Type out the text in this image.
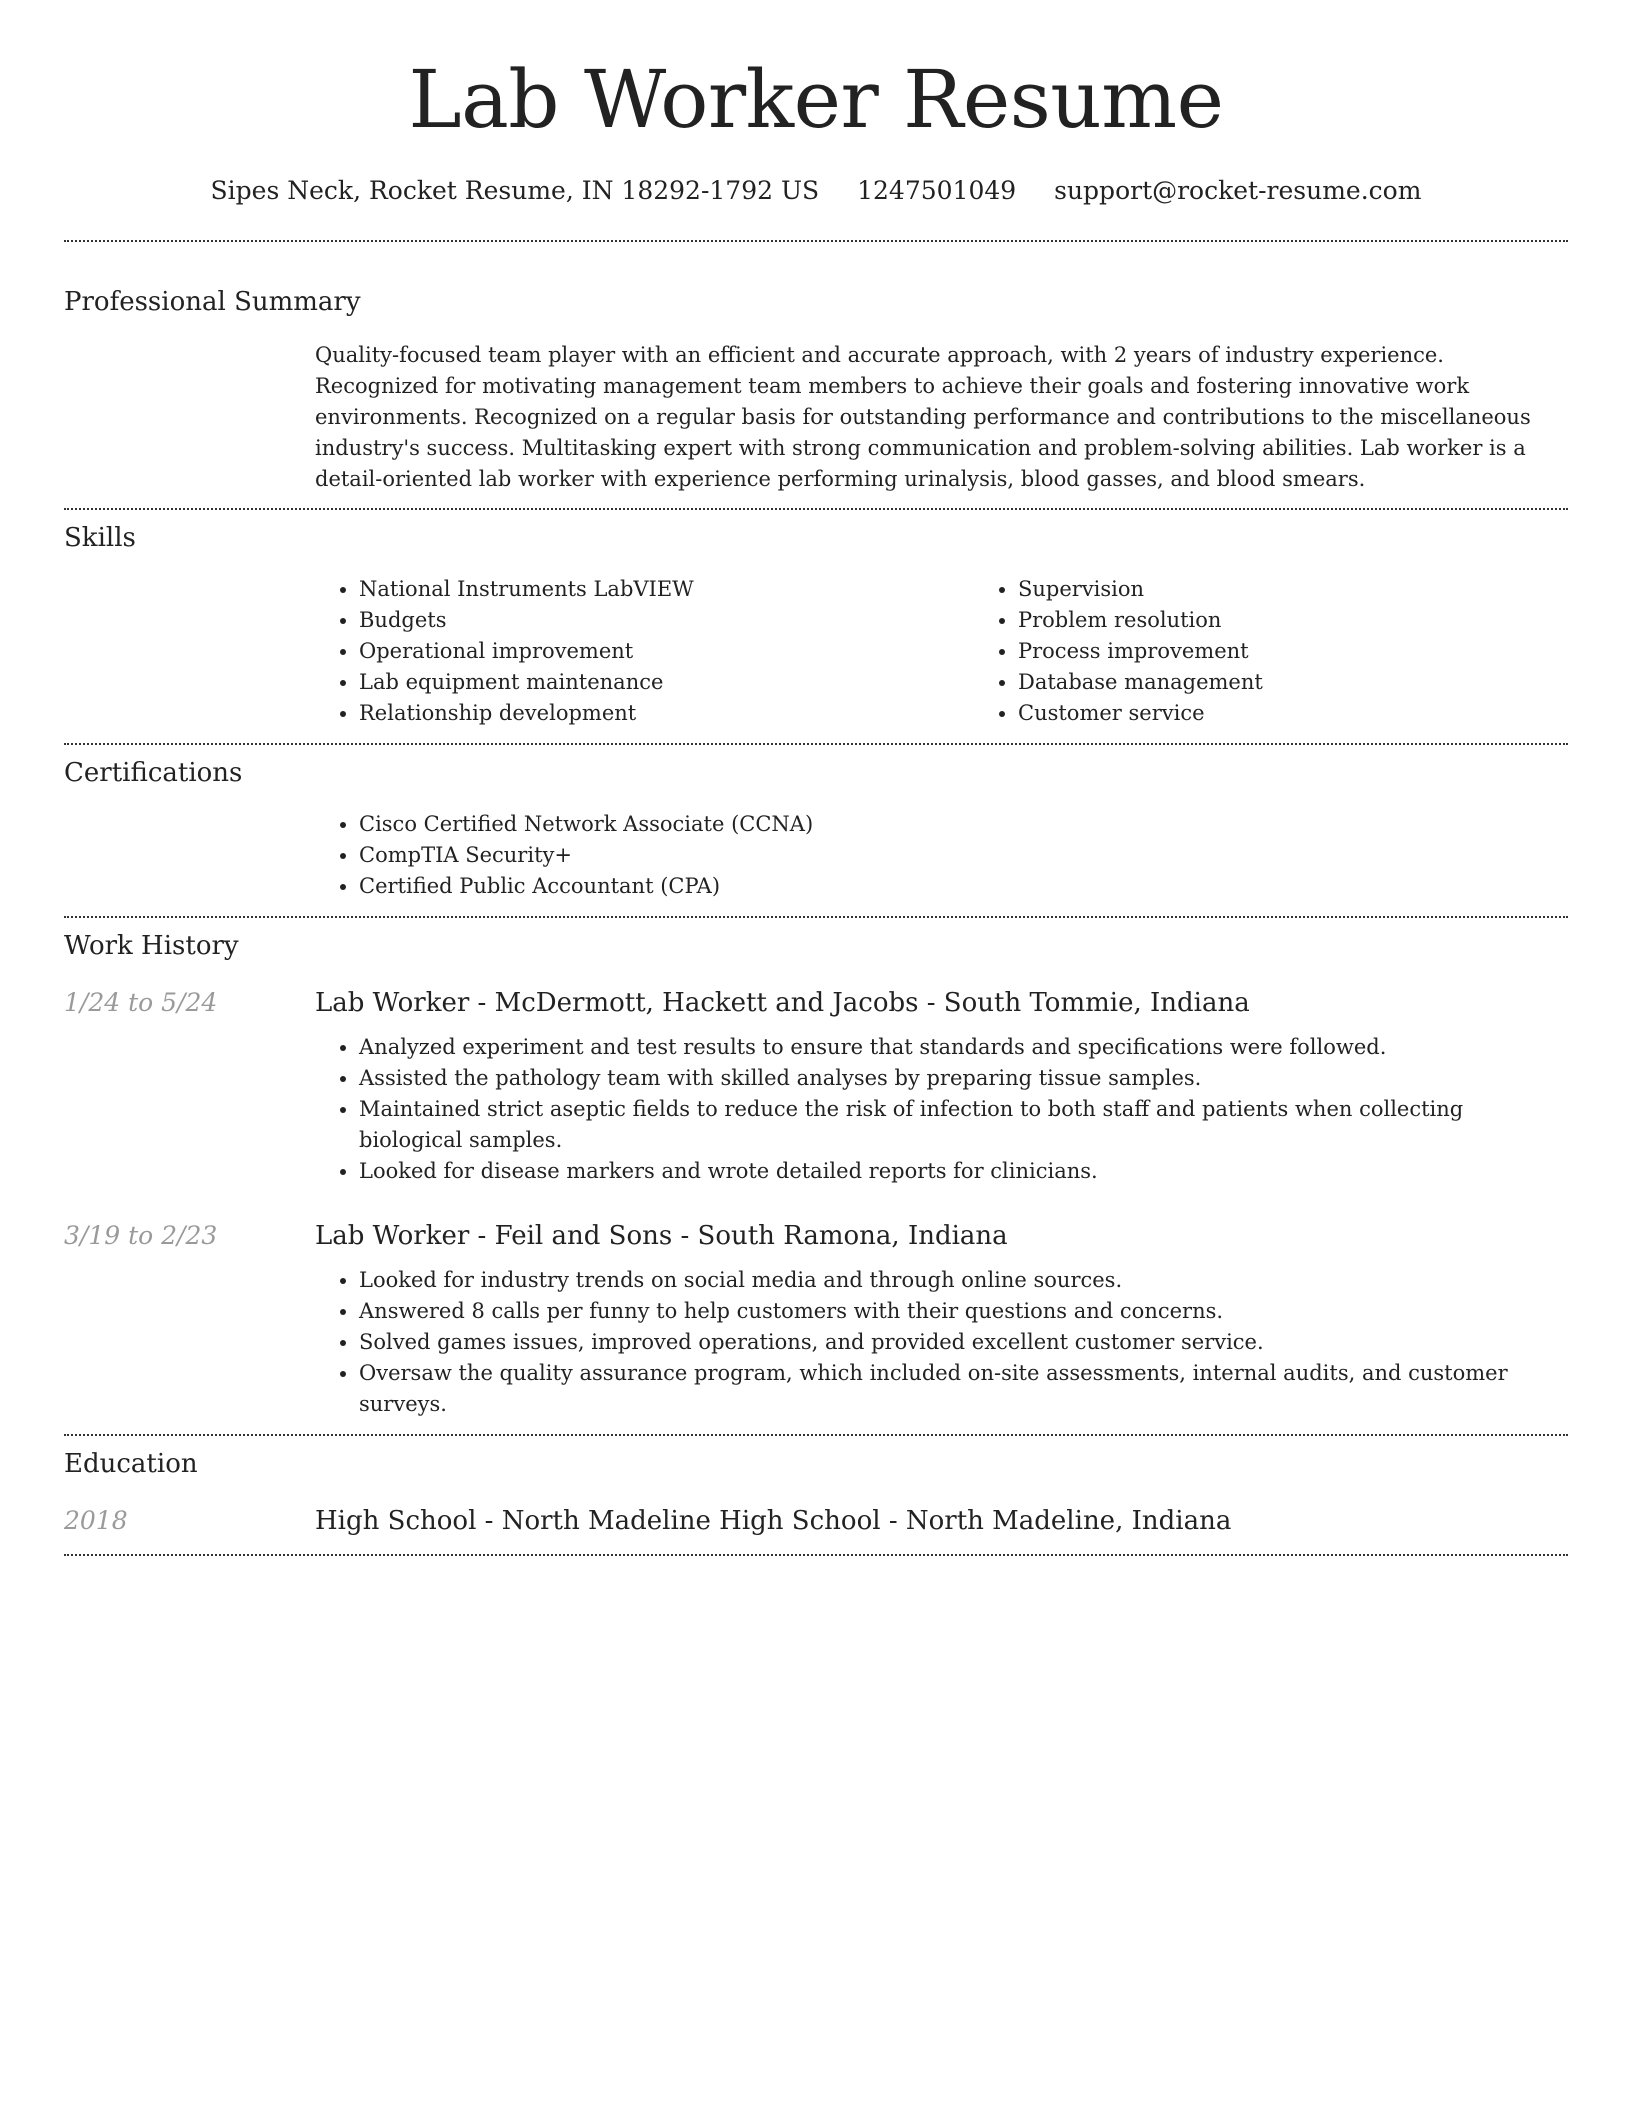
Lab Worker Resume
Sipes Neck, Rocket Resume, IN 18292-1792 US 1247501049 support@rocket-resume.com
Professional Summary
Quality-focused team player with an efficient and accurate approach, with 2 years of industry experience. Recognized for motivating management team members to achieve their goals and fostering innovative work environments. Recognized on a regular basis for outstanding performance and contributions to the miscellaneous industry's success. Multitasking expert with strong communication and problem-solving abilities. Lab worker is a detail-oriented lab worker with experience performing urinalysis, blood gasses, and blood smears.
Skills
• National Instruments LabVIEW
• Budgets
• Operational improvement
• Lab equipment maintenance
• Relationship development
• Supervision
• Problem resolution
• Process improvement
• Database management
• Customer service
Certifications
• Cisco Certified Network Associate (CCNA)
• CompTIA Security+
• Certified Public Accountant (CPA)
Work History
1/24 to 5/24	Lab Worker - McDermott, Hackett and Jacobs - South Tommie, Indiana
• Analyzed experiment and test results to ensure that standards and specifications were followed.
• Assisted the pathology team with skilled analyses by preparing tissue samples.
• Maintained strict aseptic fields to reduce the risk of infection to both staff and patients when collecting biological samples.
• Looked for disease markers and wrote detailed reports for clinicians.
3/19 to 2/23	Lab Worker - Feil and Sons - South Ramona, Indiana
• Looked for industry trends on social media and through online sources.
• Answered 8 calls per funny to help customers with their questions and concerns.
• Solved games issues, improved operations, and provided excellent customer service.
• Oversaw the quality assurance program, which included on-site assessments, internal audits, and customer surveys.
Education
2018	High School - North Madeline High School - North Madeline, Indiana
